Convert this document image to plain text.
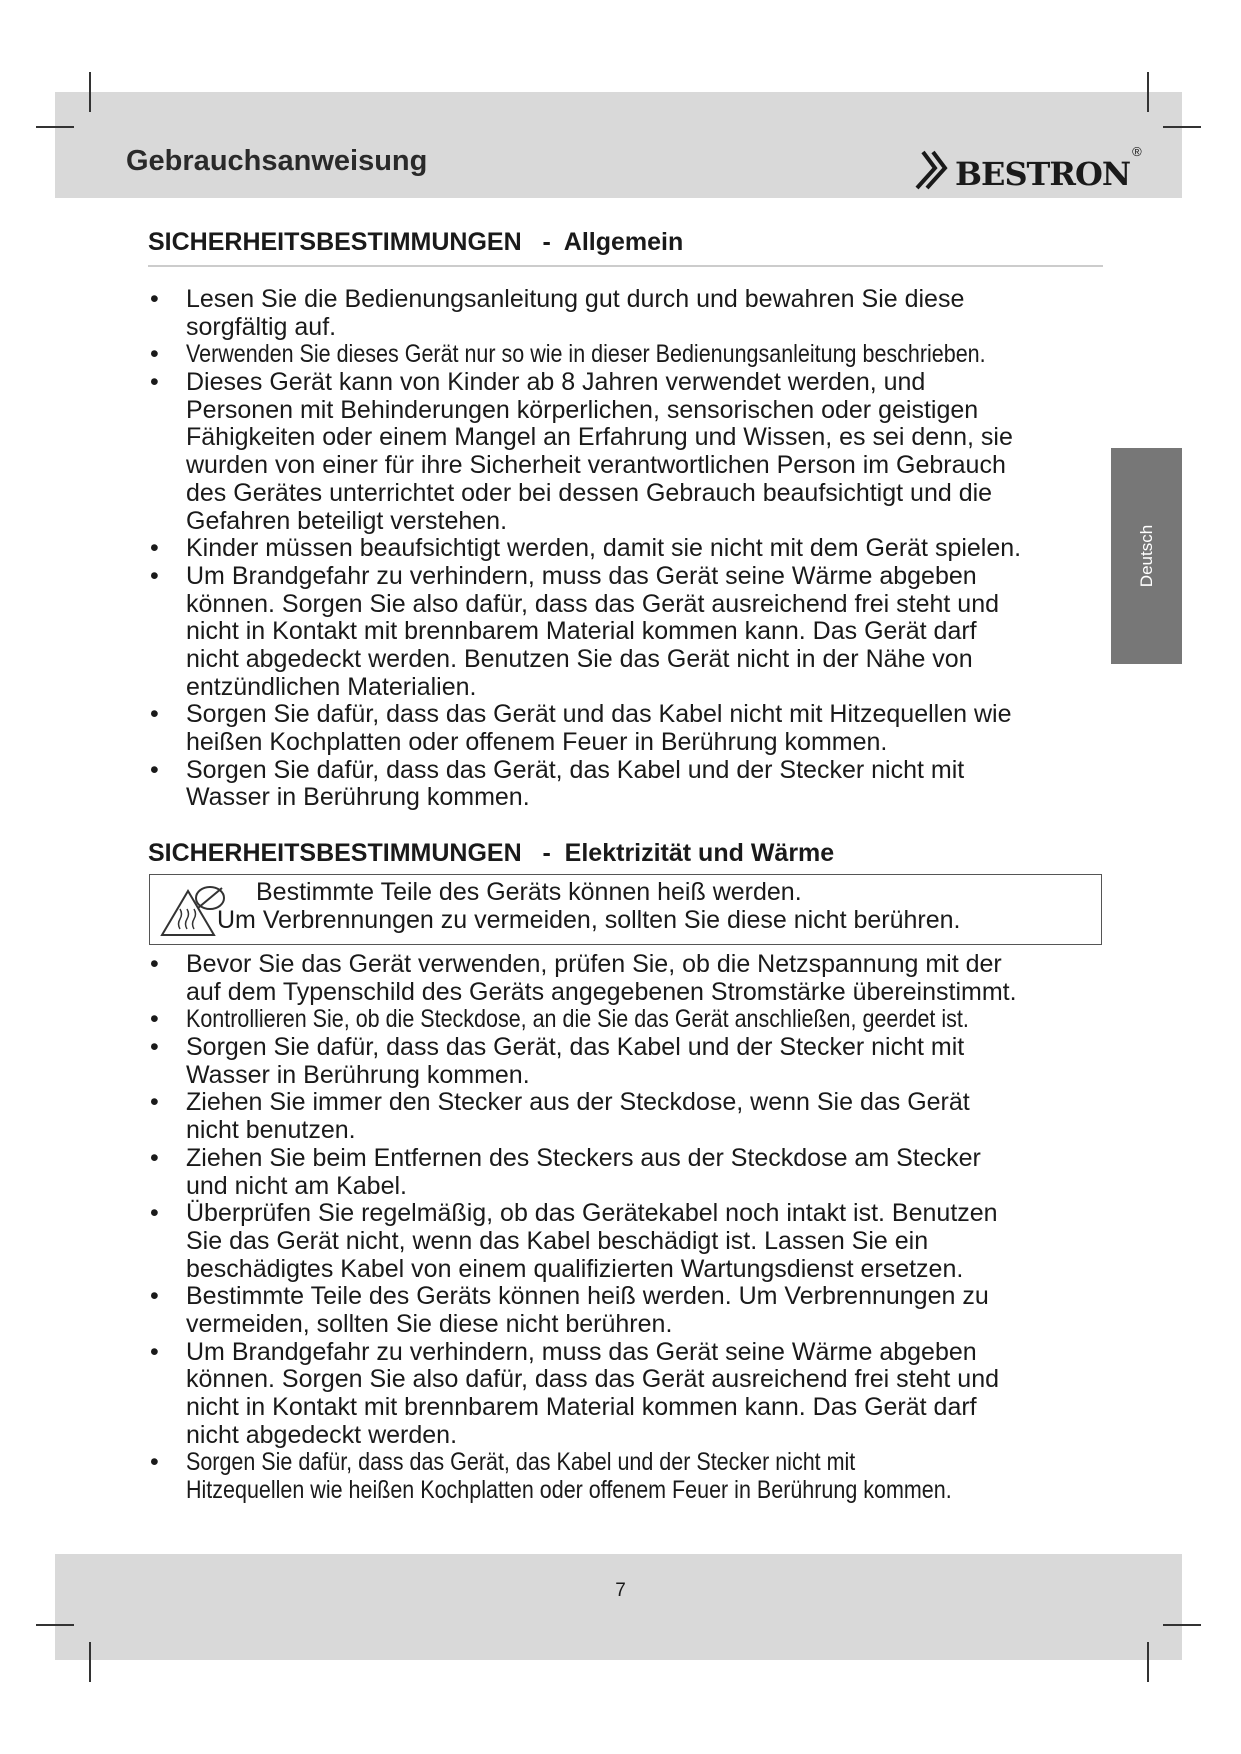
Gebrauchsanweisung	BESTRON
®
Deutsch
SICHERHEITSBESTIMMUNGEN   -  Allgemein
• Lesen Sie die Bedienungsanleitung gut durch und bewahren Sie diese
sorgfältig auf.
• Verwenden Sie dieses Gerät nur so wie in dieser Bedienungsanleitung beschrieben.
• Dieses Gerät kann von Kinder ab 8 Jahren verwendet werden, und
Personen mit Behinderungen körperlichen, sensorischen oder geistigen
Fähigkeiten oder einem Mangel an Erfahrung und Wissen, es sei denn, sie
wurden von einer für ihre Sicherheit verantwortlichen Person im Gebrauch
des Gerätes unterrichtet oder bei dessen Gebrauch beaufsichtigt und die
Gefahren beteiligt verstehen.
• Kinder müssen beaufsichtigt werden, damit sie nicht mit dem Gerät spielen.
• Um Brandgefahr zu verhindern, muss das Gerät seine Wärme abgeben
können. Sorgen Sie also dafür, dass das Gerät ausreichend frei steht und
nicht in Kontakt mit brennbarem Material kommen kann. Das Gerät darf
nicht abgedeckt werden. Benutzen Sie das Gerät nicht in der Nähe von
entzündlichen Materialien.
• Sorgen Sie dafür, dass das Gerät und das Kabel nicht mit Hitzequellen wie
heißen Kochplatten oder offenem Feuer in Berührung kommen.
• Sorgen Sie dafür, dass das Gerät, das Kabel und der Stecker nicht mit
Wasser in Berührung kommen.
SICHERHEITSBESTIMMUNGEN   -  Elektrizität und Wärme
Bestimmte Teile des Geräts können heiß werden.
Um Verbrennungen zu vermeiden, sollten Sie diese nicht berühren.
• Bevor Sie das Gerät verwenden, prüfen Sie, ob die Netzspannung mit der
auf dem Typenschild des Geräts angegebenen Stromstärke übereinstimmt.
• Kontrollieren Sie, ob die Steckdose, an die Sie das Gerät anschließen, geerdet ist.
• Sorgen Sie dafür, dass das Gerät, das Kabel und der Stecker nicht mit
Wasser in Berührung kommen.
• Ziehen Sie immer den Stecker aus der Steckdose, wenn Sie das Gerät
nicht benutzen.
• Ziehen Sie beim Entfernen des Steckers aus der Steckdose am Stecker
und nicht am Kabel.
• Überprüfen Sie regelmäßig, ob das Gerätekabel noch intakt ist. Benutzen
Sie das Gerät nicht, wenn das Kabel beschädigt ist. Lassen Sie ein
beschädigtes Kabel von einem qualifizierten Wartungsdienst ersetzen.
• Bestimmte Teile des Geräts können heiß werden. Um Verbrennungen zu
vermeiden, sollten Sie diese nicht berühren.
• Um Brandgefahr zu verhindern, muss das Gerät seine Wärme abgeben
können. Sorgen Sie also dafür, dass das Gerät ausreichend frei steht und
nicht in Kontakt mit brennbarem Material kommen kann. Das Gerät darf
nicht abgedeckt werden.
• Sorgen Sie dafür, dass das Gerät, das Kabel und der Stecker nicht mit
Hitzequellen wie heißen Kochplatten oder offenem Feuer in Berührung kommen.
7
